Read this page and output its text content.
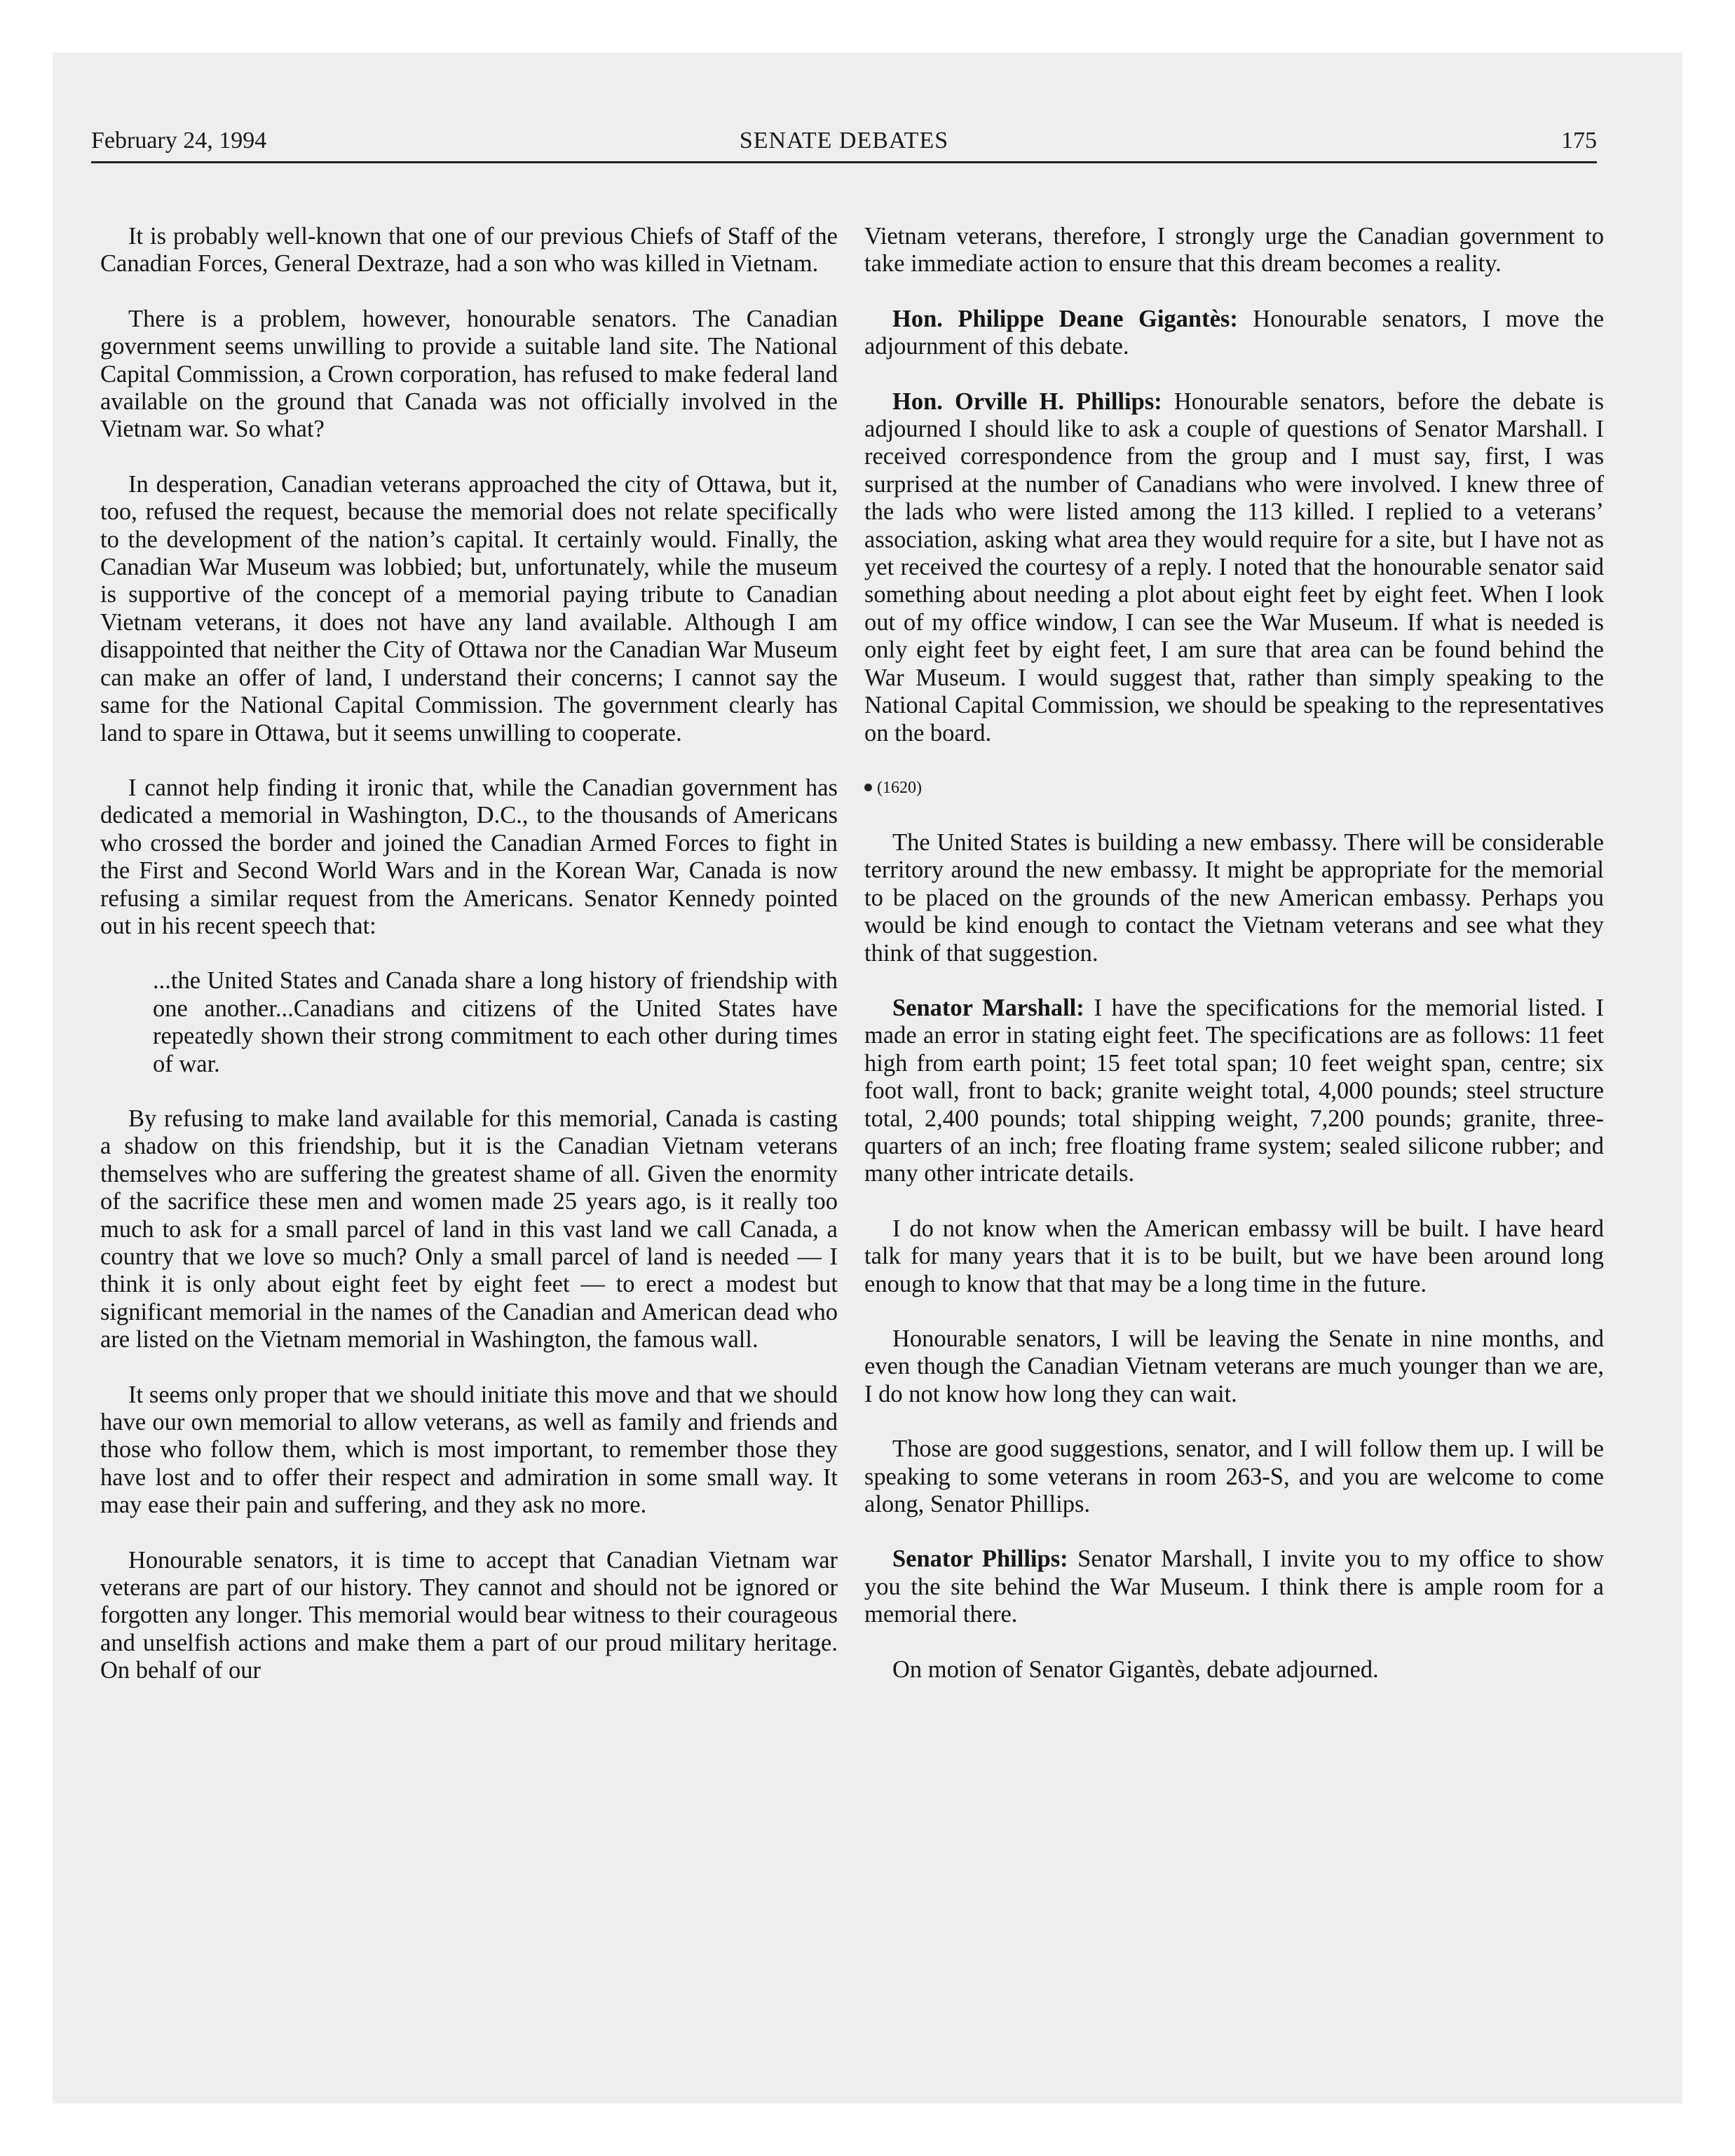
February 24, 1994	SENATE DEBATES	175

It is probably well-known that one of our previous Chiefs of Staff of the Canadian Forces, General Dextraze, had a son who was killed in Vietnam.

There is a problem, however, honourable senators. The Canadian government seems unwilling to provide a suitable land site. The National Capital Commission, a Crown corporation, has refused to make federal land available on the ground that Canada was not officially involved in the Vietnam war. So what?

In desperation, Canadian veterans approached the city of Ottawa, but it, too, refused the request, because the memorial does not relate specifically to the development of the nation’s capital. It certainly would. Finally, the Canadian War Museum was lobbied; but, unfortunately, while the museum is supportive of the concept of a memorial paying tribute to Canadian Vietnam veterans, it does not have any land available. Although I am disappointed that neither the City of Ottawa nor the Canadian War Museum can make an offer of land, I understand their concerns; I cannot say the same for the National Capital Commission. The government clearly has land to spare in Ottawa, but it seems unwilling to cooperate.

I cannot help finding it ironic that, while the Canadian government has dedicated a memorial in Washington, D.C., to the thousands of Americans who crossed the border and joined the Canadian Armed Forces to fight in the First and Second World Wars and in the Korean War, Canada is now refusing a similar request from the Americans. Senator Kennedy pointed out in his recent speech that:

...the United States and Canada share a long history of friendship with one another...Canadians and citizens of the United States have repeatedly shown their strong commitment to each other during times of war.

By refusing to make land available for this memorial, Canada is casting a shadow on this friendship, but it is the Canadian Vietnam veterans themselves who are suffering the greatest shame of all. Given the enormity of the sacrifice these men and women made 25 years ago, is it really too much to ask for a small parcel of land in this vast land we call Canada, a country that we love so much? Only a small parcel of land is needed — I think it is only about eight feet by eight feet — to erect a modest but significant memorial in the names of the Canadian and American dead who are listed on the Vietnam memorial in Washington, the famous wall.

It seems only proper that we should initiate this move and that we should have our own memorial to allow veterans, as well as family and friends and those who follow them, which is most important, to remember those they have lost and to offer their respect and admiration in some small way. It may ease their pain and suffering, and they ask no more.

Honourable senators, it is time to accept that Canadian Vietnam war veterans are part of our history. They cannot and should not be ignored or forgotten any longer. This memorial would bear witness to their courageous and unselfish actions and make them a part of our proud military heritage. On behalf of our

Vietnam veterans, therefore, I strongly urge the Canadian government to take immediate action to ensure that this dream becomes a reality.

Hon. Philippe Deane Gigantès: Honourable senators, I move the adjournment of this debate.

Hon. Orville H. Phillips: Honourable senators, before the debate is adjourned I should like to ask a couple of questions of Senator Marshall. I received correspondence from the group and I must say, first, I was surprised at the number of Canadians who were involved. I knew three of the lads who were listed among the 113 killed. I replied to a veterans’ association, asking what area they would require for a site, but I have not as yet received the courtesy of a reply. I noted that the honourable senator said something about needing a plot about eight feet by eight feet. When I look out of my office window, I can see the War Museum. If what is needed is only eight feet by eight feet, I am sure that area can be found behind the War Museum. I would suggest that, rather than simply speaking to the National Capital Commission, we should be speaking to the representatives on the board.

(1620)

The United States is building a new embassy. There will be considerable territory around the new embassy. It might be appropriate for the memorial to be placed on the grounds of the new American embassy. Perhaps you would be kind enough to contact the Vietnam veterans and see what they think of that suggestion.

Senator Marshall: I have the specifications for the memorial listed. I made an error in stating eight feet. The specifications are as follows: 11 feet high from earth point; 15 feet total span; 10 feet weight span, centre; six foot wall, front to back; granite weight total, 4,000 pounds; steel structure total, 2,400 pounds; total shipping weight, 7,200 pounds; granite, three-quarters of an inch; free floating frame system; sealed silicone rubber; and many other intricate details.

I do not know when the American embassy will be built. I have heard talk for many years that it is to be built, but we have been around long enough to know that that may be a long time in the future.

Honourable senators, I will be leaving the Senate in nine months, and even though the Canadian Vietnam veterans are much younger than we are, I do not know how long they can wait.

Those are good suggestions, senator, and I will follow them up. I will be speaking to some veterans in room 263-S, and you are welcome to come along, Senator Phillips.

Senator Phillips: Senator Marshall, I invite you to my office to show you the site behind the War Museum. I think there is ample room for a memorial there.

On motion of Senator Gigantès, debate adjourned.
